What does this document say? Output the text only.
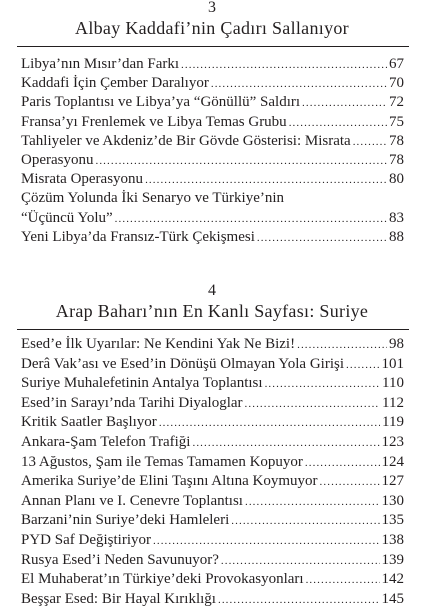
3
Albay Kaddafi’nin Çadırı Sallanıyor
Libya’nın Mısır’dan Farkı .....	67
Kaddafi İçin Çember Daralıyor .....	70
Paris Toplantısı ve Libya’ya “Gönüllü” Saldırı .....	72
Fransa’yı Frenlemek ve Libya Temas Grubu .....	75
Tahliyeler ve Akdeniz’de Bir Gövde Gösterisi: Misrata .....	78
Operasyonu .....	78
Misrata Operasyonu .....	80
Çözüm Yolunda İki Senaryo ve Türkiye’nin
“Üçüncü Yolu” .....	83
Yeni Libya’da Fransız-Türk Çekişmesi .....	88
4
Arap Baharı’nın En Kanlı Sayfası: Suriye
Esed’e İlk Uyarılar: Ne Kendini Yak Ne Bizi! .....	98
Derâ Vak’ası ve Esed’in Dönüşü Olmayan Yola Girişi ..... 101
Suriye Muhalefetinin Antalya Toplantısı .....	110
Esed’in Sarayı’nda Tarihi Diyaloglar .....	112
Kritik Saatler Başlıyor .....	119
Ankara-Şam Telefon Trafiği .....	123
13 Ağustos, Şam ile Temas Tamamen Kopuyor .....	124
Amerika Suriye’de Elini Taşını Altına Koymuyor .....	127
Annan Planı ve I. Cenevre Toplantısı .....	130
Barzani’nin Suriye’deki Hamleleri .....	135
PYD Saf Değiştiriyor .....	138
Rusya Esed’i Neden Savunuyor? .....	139
El Muhaberat’ın Türkiye’deki Provokasyonları .....	142
Beşşar Esed: Bir Hayal Kırıklığı .....	145
